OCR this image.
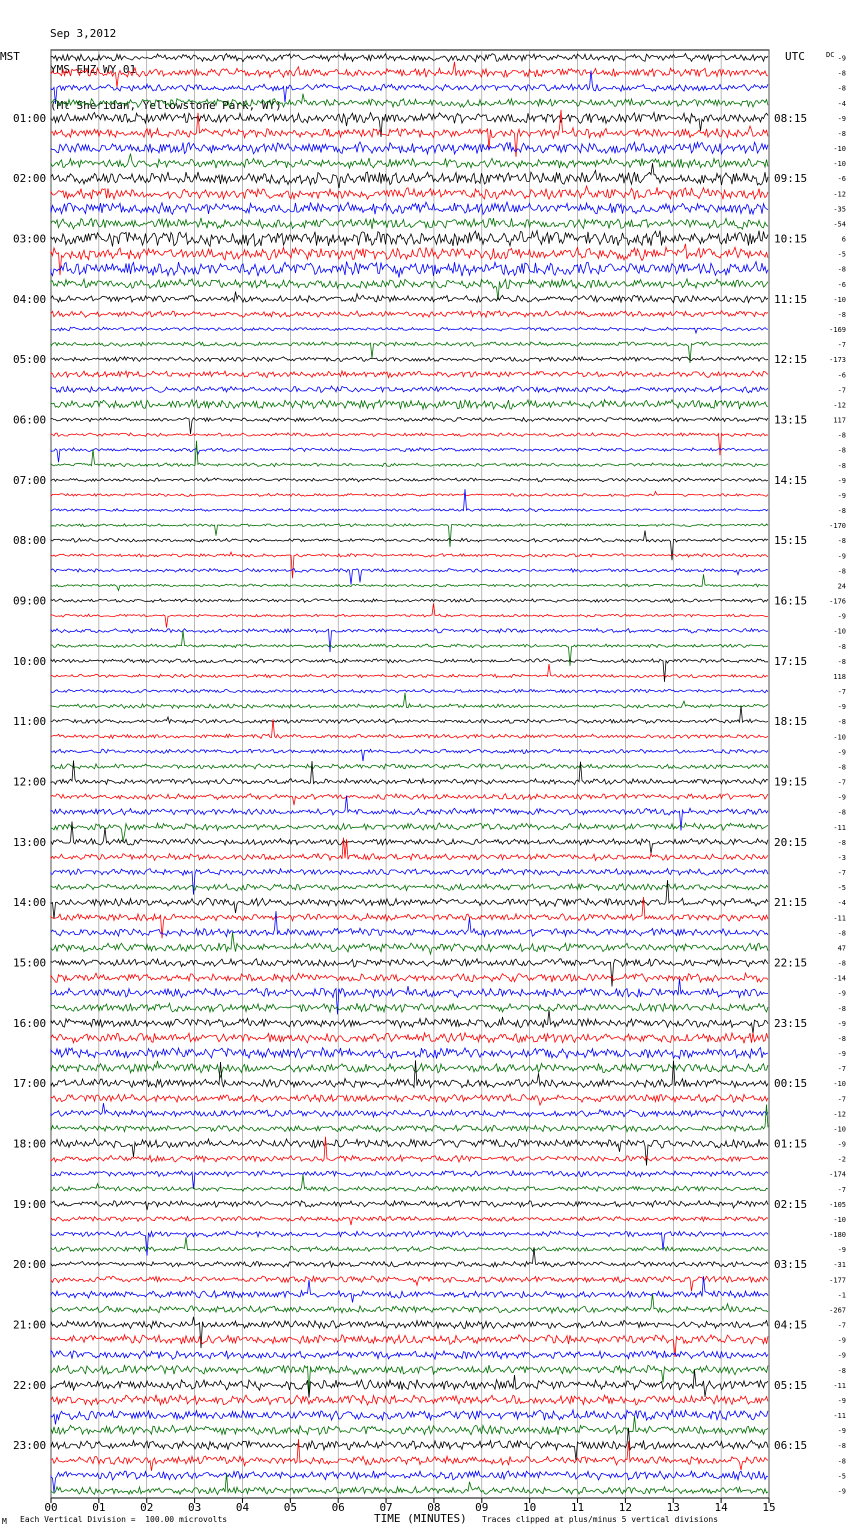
Sep 3,2012

YMS EHZ WY 01

(Mt Sheridan, Yellowstone Park, WY)

MST	UTC	DC
00	01	02	03	04	05	06	07	08	09	10	11	12	13	14	15
-9
-8
-8
-4
-9
-8
-10
-10
-6
-12
-35
-54
6
-5
-8
-6
-10
-8
-169
-7
-173
-6
-7
-12
117
-8
-8
-8
-9
-9
-8
-170
-8
-9
-8
24
-176
-9
-10
-8
-8
118
-7
-9
-8
-10
-9
-8
-7
-9
-8
-11
-8
-3
-7
-5
-4
-11
-8
47
-8
-14
-9
-8
-9
-8
-9
-7
-10
-7
-12
-10
-9
-2
-174
-7
-105
-10
-180
-9
-31
-177
-1
-267
-7
-9
-9
-8
-11
-9
-11
-9
-8
-8
-5
-9
01:00	08:15
02:00	09:15
03:00	10:15
04:00	11:15
05:00	12:15
06:00	13:15
07:00	14:15
08:00	15:15
09:00	16:15
10:00	17:15
11:00	18:15
12:00	19:15
13:00	20:15
14:00	21:15
15:00	22:15
16:00	23:15
17:00	00:15
18:00	01:15
19:00	02:15
20:00	03:15
21:00	04:15
22:00	05:15
23:00	06:15
M Each Vertical Division =  100.00 microvolts	TIME (MINUTES) Traces clipped at plus/minus 5 vertical divisions
